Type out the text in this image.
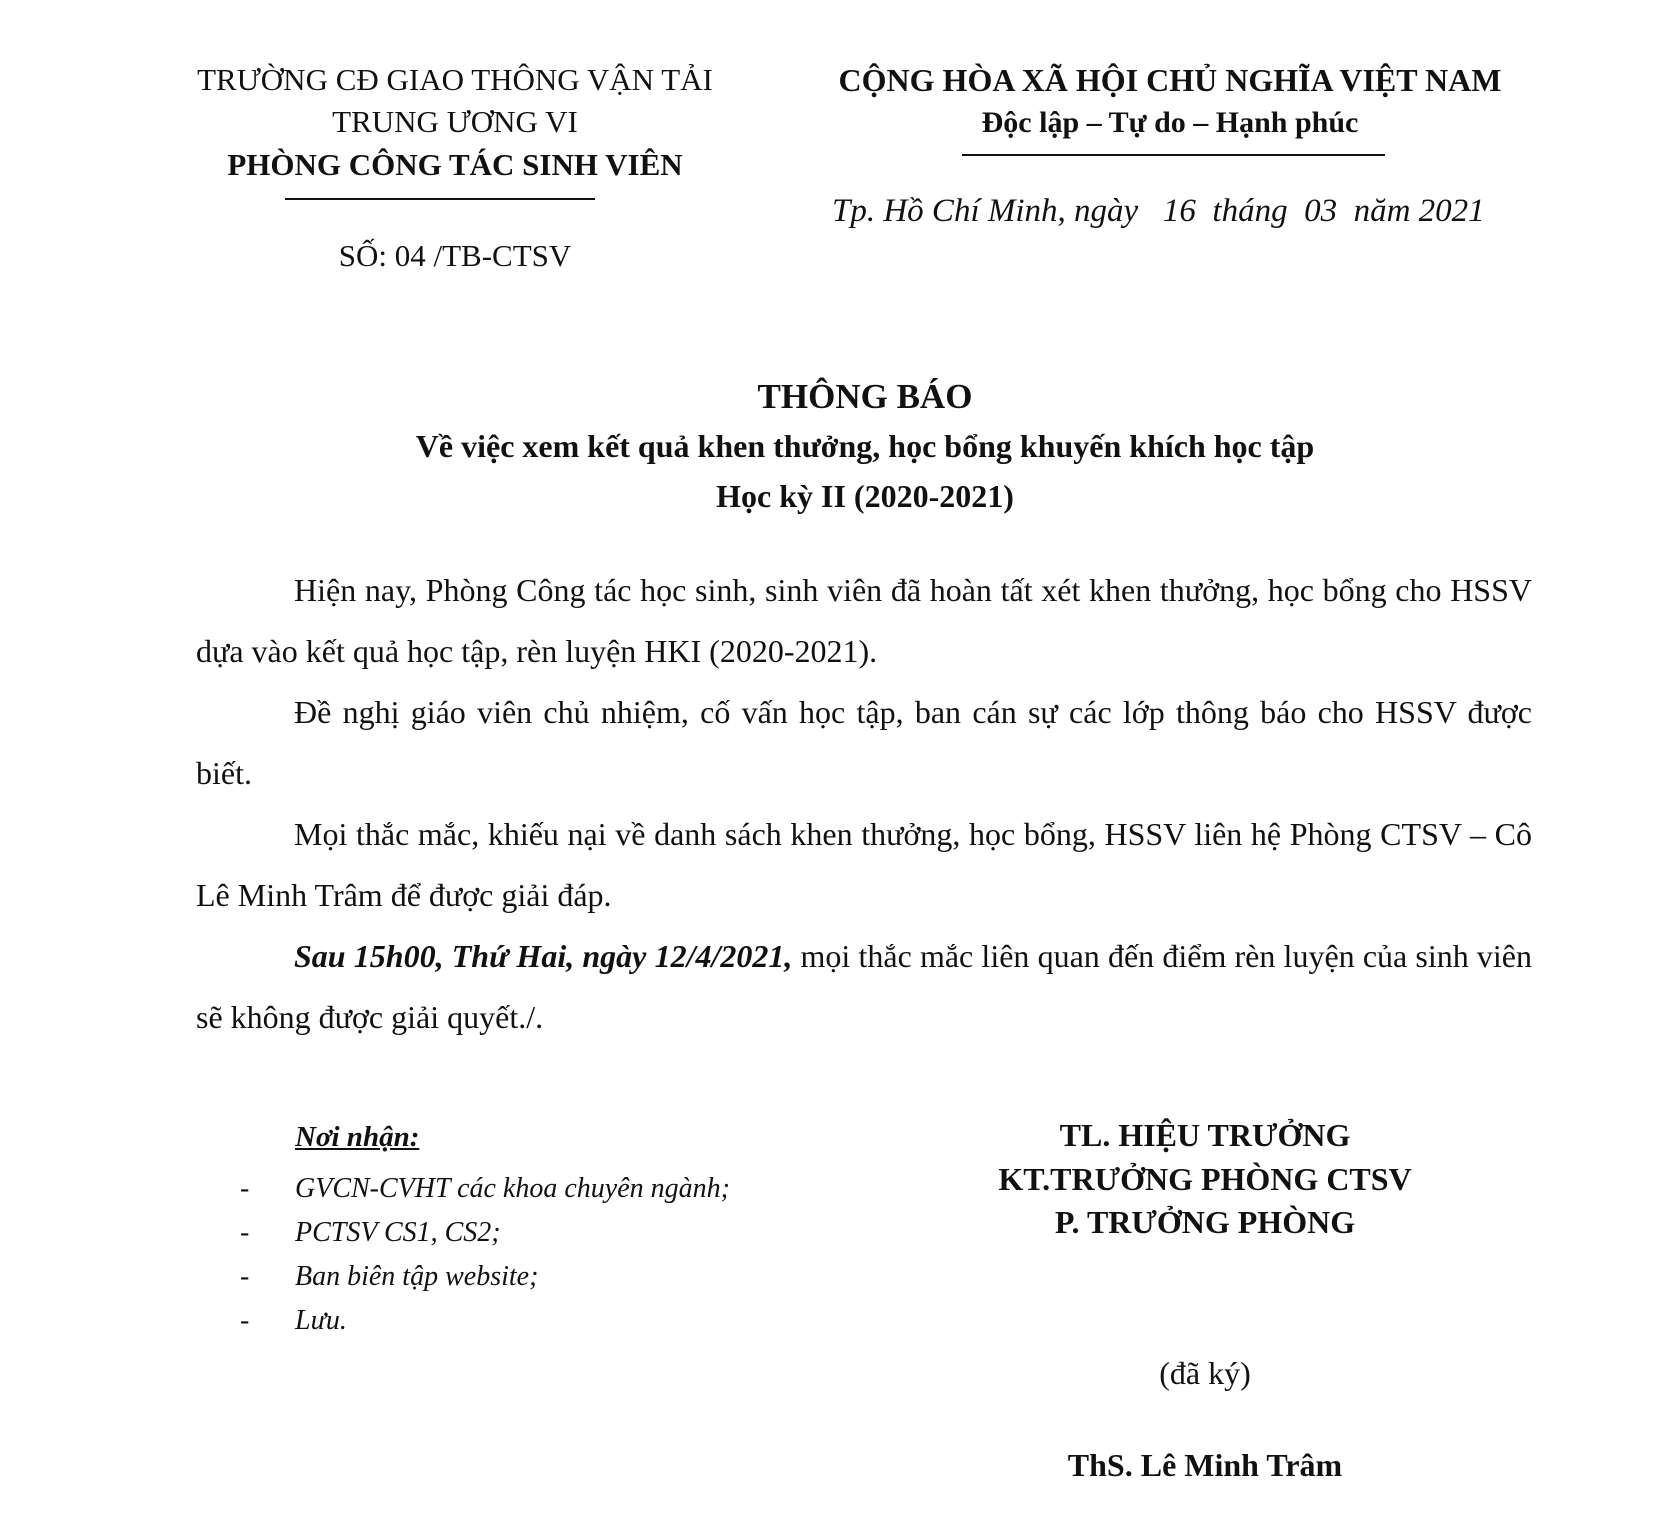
TRƯỜNG CĐ GIAO THÔNG VẬN TẢI
TRUNG ƯƠNG VI
PHÒNG CÔNG TÁC SINH VIÊN
SỐ: 04 /TB-CTSV
CỘNG HÒA XÃ HỘI CHỦ NGHĨA VIỆT NAM
Độc lập – Tự do – Hạnh phúc
Tp. Hồ Chí Minh, ngày   16  tháng  03  năm 2021
THÔNG BÁO
Về việc xem kết quả khen thưởng, học bổng khuyến khích học tập
Học kỳ II (2020-2021)

Hiện nay, Phòng Công tác học sinh, sinh viên đã hoàn tất xét khen thưởng, học bổng cho HSSV dựa vào kết quả học tập, rèn luyện HKI (2020-2021).

Đề nghị giáo viên chủ nhiệm, cố vấn học tập, ban cán sự các lớp thông báo cho HSSV được biết.

Mọi thắc mắc, khiếu nại về danh sách khen thưởng, học bổng, HSSV liên hệ Phòng CTSV – Cô Lê Minh Trâm để được giải đáp.

Sau 15h00, Thứ Hai, ngày 12/4/2021, mọi thắc mắc liên quan đến điểm rèn luyện của sinh viên sẽ không được giải quyết./.

Nơi nhận:
-	GVCN-CVHT các khoa chuyên ngành;
-	PCTSV CS1, CS2;
-	Ban biên tập website;
-	Lưu.
TL. HIỆU TRƯỞNG
KT.TRƯỞNG PHÒNG CTSV
P. TRƯỞNG PHÒNG
(đã ký)
ThS. Lê Minh Trâm
